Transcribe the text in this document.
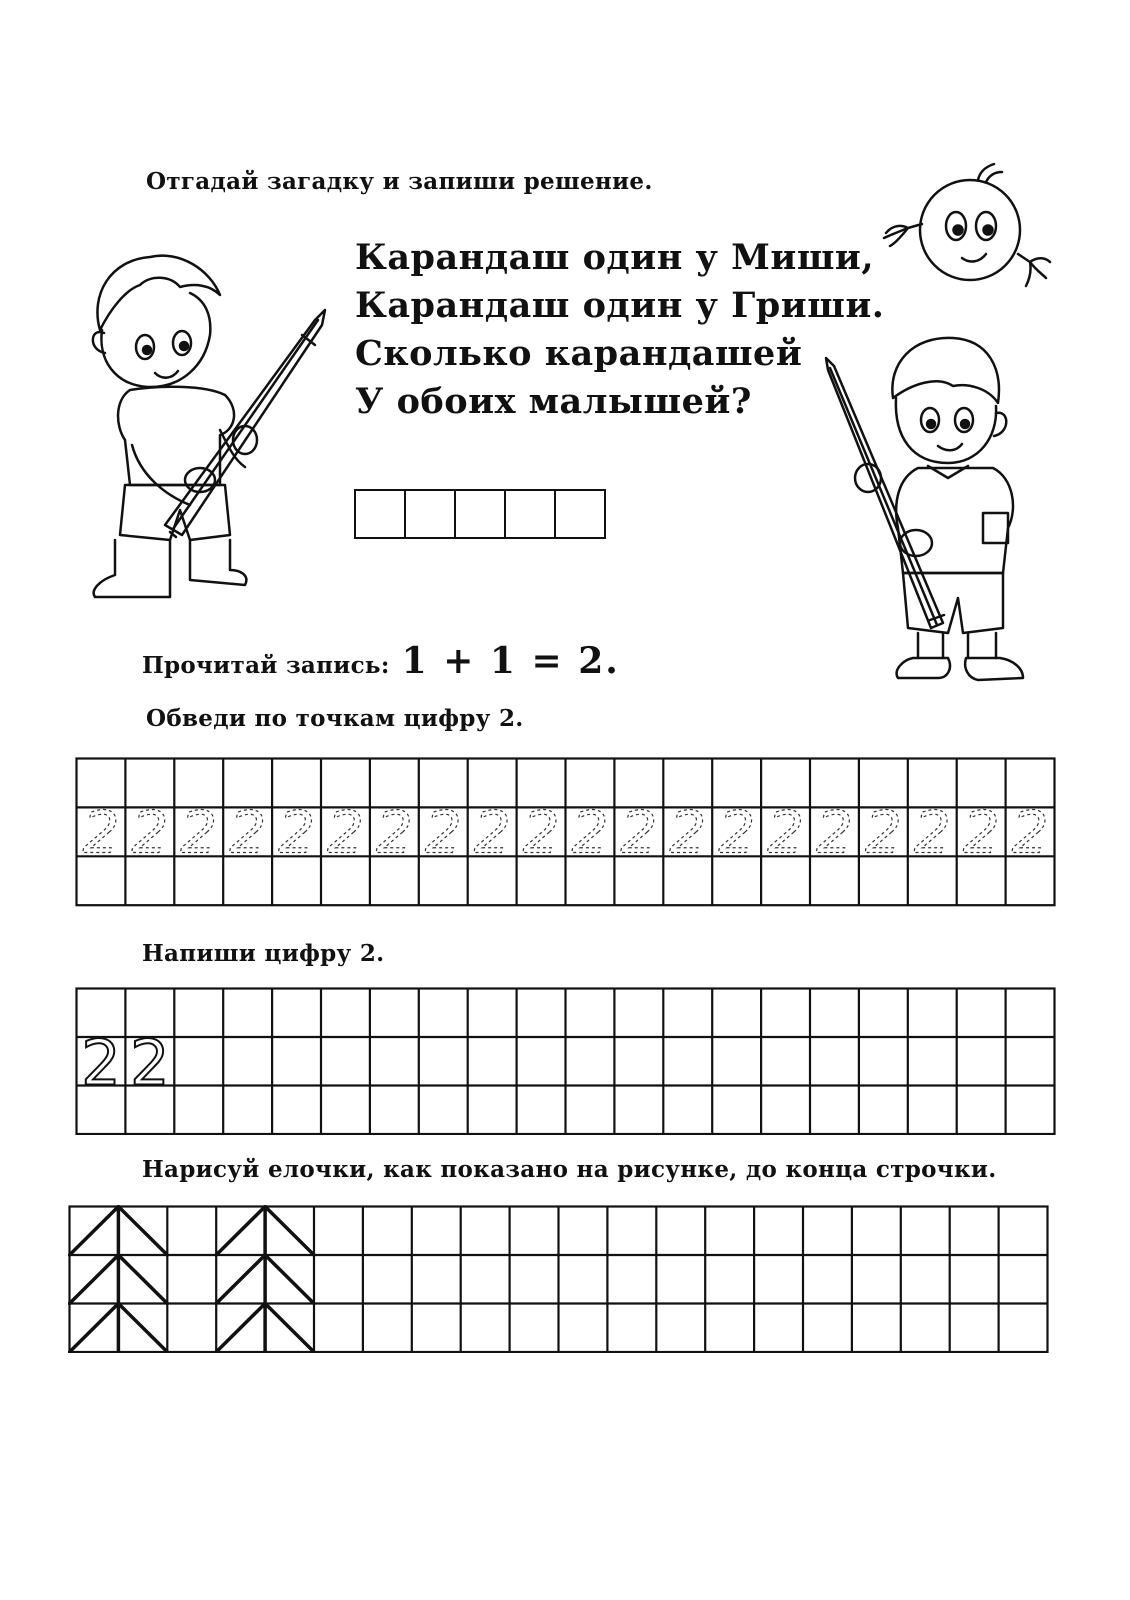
Отгадай загадку и запиши решение.
Карандаш один у Миши,
Карандаш один у Гриши.
Сколько карандашей
У обоих малышей?
Прочитай запись: 1 + 1 = 2.
Обведи по точкам цифру 2.
2 2 2 2 2 2 2 2 2 2 2 2 2 2 2 2 2 2 2 2
Напиши цифру 2.
2 2
Нарисуй елочки, как показано на рисунке, до конца строчки.
